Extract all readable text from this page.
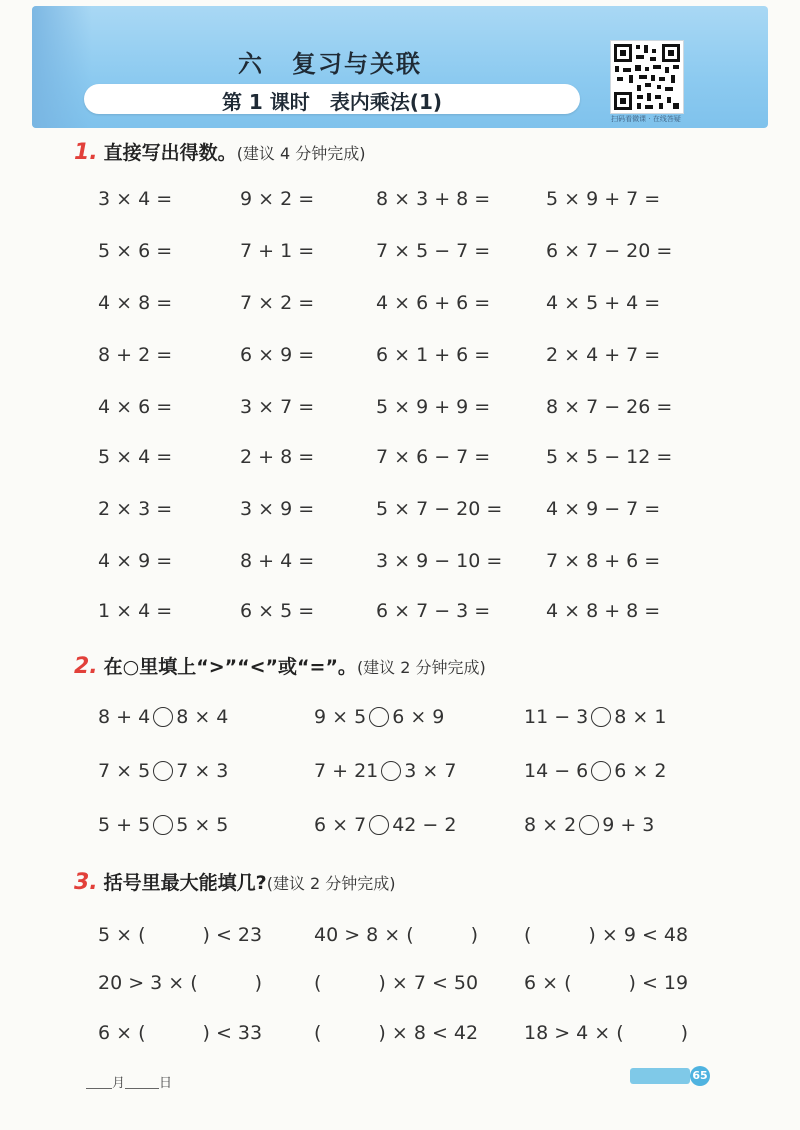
六 复习与关联
第 1 课时 表内乘法(1)
扫码看微课 · 在线答疑
1. 直接写出得数。(建议 4 分钟完成)
3 × 4 =	9 × 2 =	8 × 3 + 8 =	5 × 9 + 7 =
5 × 6 =	7 + 1 =	7 × 5 − 7 =	6 × 7 − 20 =
4 × 8 =	7 × 2 =	4 × 6 + 6 =	4 × 5 + 4 =
8 + 2 =	6 × 9 =	6 × 1 + 6 =	2 × 4 + 7 =
4 × 6 =	3 × 7 =	5 × 9 + 9 =	8 × 7 − 26 =
5 × 4 =	2 + 8 =	7 × 6 − 7 =	5 × 5 − 12 =
2 × 3 =	3 × 9 =	5 × 7 − 20 = 4 × 9 − 7 =
4 × 9 =	8 + 4 =	3 × 9 − 10 = 7 × 8 + 6 =
1 × 4 =	6 × 5 =	6 × 7 − 3 =	4 × 8 + 8 =
2. 在○里填上“>”“<”或“=”。(建议 2 分钟完成)
8 + 4 8 × 4	9 × 5 6 × 9	11 − 3 8 × 1
7 × 5 7 × 3	7 + 21 3 × 7	14 − 6 6 × 2
5 + 5 5 × 5	6 × 7 42 − 2	8 × 2 9 + 3
3. 括号里最大能填几?(建议 2 分钟完成)
5 × (　　　) < 23	40 > 8 × (　　　) (　　　) × 9 < 48
20 > 3 × (　　　)	(　　　) × 7 < 50 6 × (　　　) < 19
6 × (　　　) < 33	(　　　) × 8 < 42 18 > 4 × (　　　)
月	日
65
